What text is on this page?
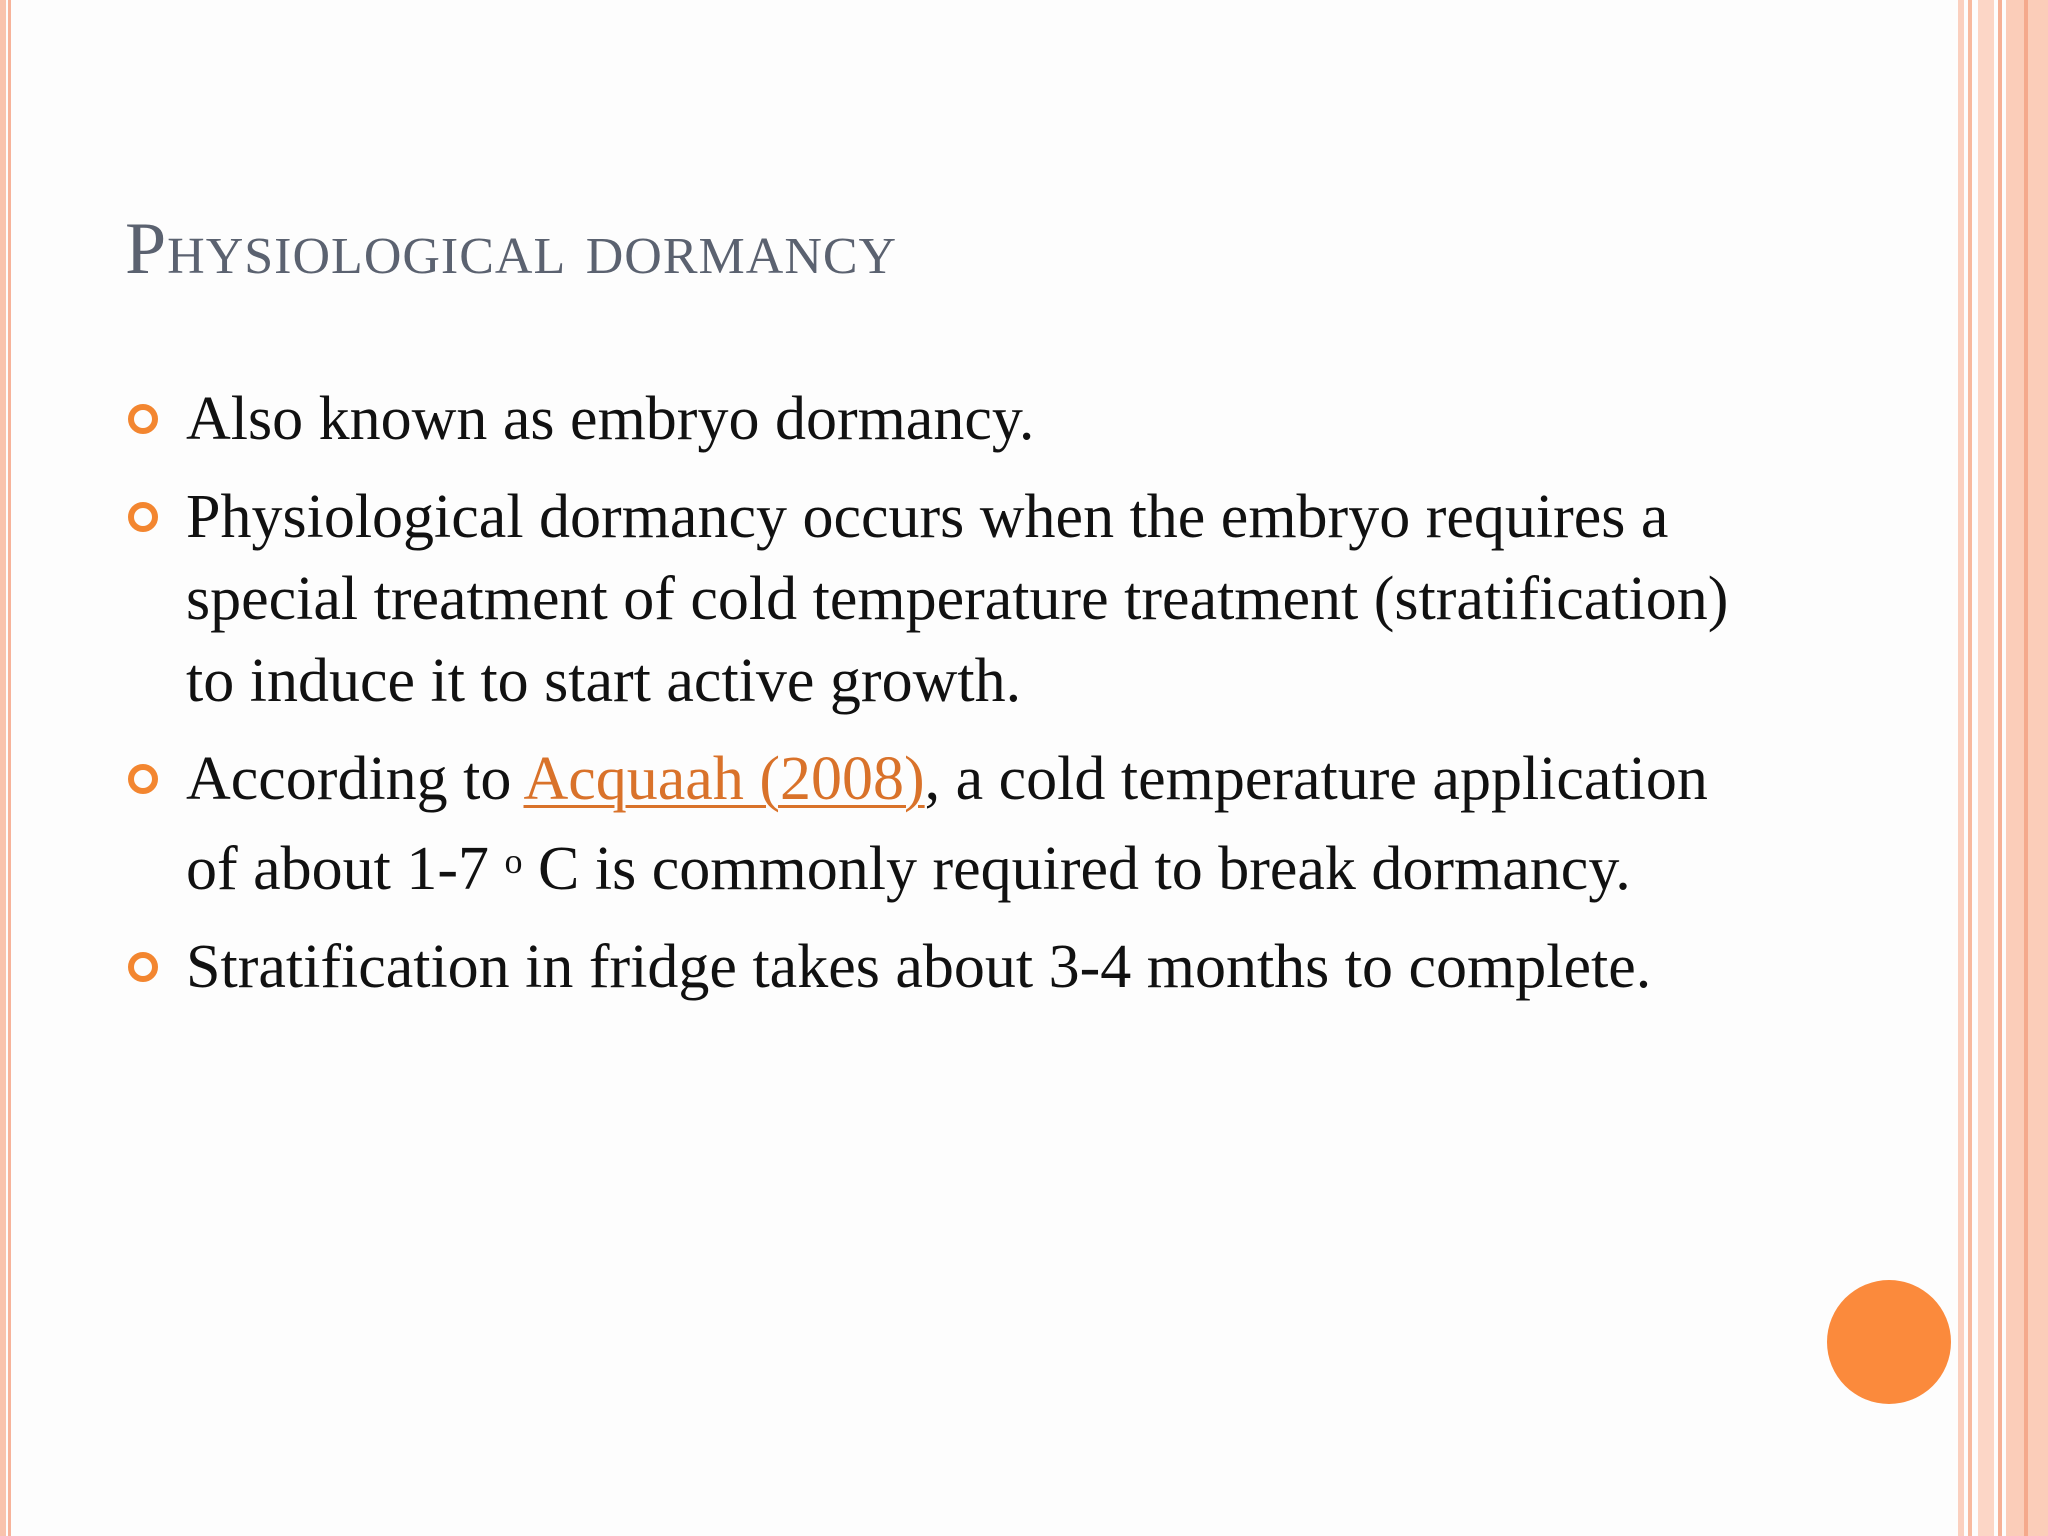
Physiological dormancy
Also known as embryo dormancy.
Physiological dormancy occurs when the embryo requires a special treatment of cold temperature treatment (stratification) to induce it to start active growth.
According to Acquaah (2008), a cold temperature application of about 1-7 $^o$ C is commonly required to break dormancy.
Stratification in fridge takes about 3-4 months to complete.
